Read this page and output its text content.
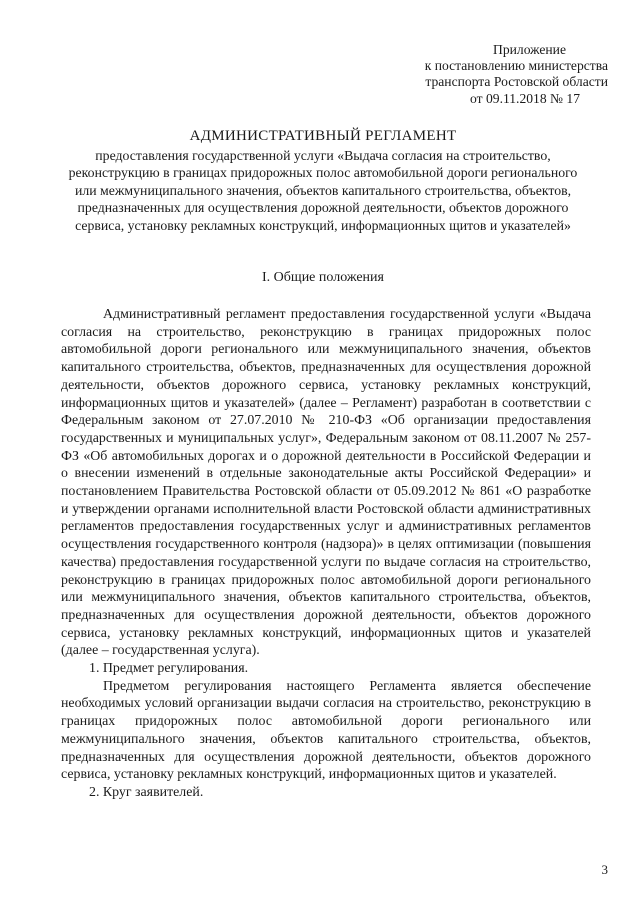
Приложение
к постановлению министерства
транспорта Ростовской области
от 09.11.2018 № 17
АДМИНИСТРАТИВНЫЙ РЕГЛАМЕНТ
предоставления государственной услуги «Выдача согласия на строительство, реконструкцию в границах придорожных полос автомобильной дороги регионального или межмуниципального значения, объектов капитального строительства, объектов, предназначенных для осуществления дорожной деятельности, объектов дорожного сервиса, установку рекламных конструкций, информационных щитов и указателей»
I. Общие положения

Административный регламент предоставления государственной услуги «Выдача согласия на строительство, реконструкцию в границах придорожных полос автомобильной дороги регионального или межмуниципального значения, объектов капитального строительства, объектов, предназначенных для осуществления дорожной деятельности, объектов дорожного сервиса, установку рекламных конструкций, информационных щитов и указателей» (далее – Регламент) разработан в соответствии с Федеральным законом от 27.07.2010 № 210-ФЗ «Об организации предоставления государственных и муниципальных услуг», Федеральным законом от 08.11.2007 № 257-ФЗ «Об автомобильных дорогах и о дорожной деятельности в Российской Федерации и о внесении изменений в отдельные законодательные акты Российской Федерации» и постановлением Правительства Ростовской области от 05.09.2012 № 861 «О разработке и утверждении органами исполнительной власти Ростовской области административных регламентов предоставления государственных услуг и административных регламентов осуществления государственного контроля (надзора)» в целях оптимизации (повышения качества) предоставления государственной услуги по выдаче согласия на строительство, реконструкцию в границах придорожных полос автомобильной дороги регионального или межмуниципального значения, объектов капитального строительства, объектов, предназначенных для осуществления дорожной деятельности, объектов дорожного сервиса, установку рекламных конструкций, информационных щитов и указателей (далее – государственная услуга).

1. Предмет регулирования.

Предметом регулирования настоящего Регламента является обеспечение необходимых условий организации выдачи согласия на строительство, реконструкцию в границах придорожных полос автомобильной дороги регионального или межмуниципального значения, объектов капитального строительства, объектов, предназначенных для осуществления дорожной деятельности, объектов дорожного сервиса, установку рекламных конструкций, информационных щитов и указателей.

2. Круг заявителей.

3
